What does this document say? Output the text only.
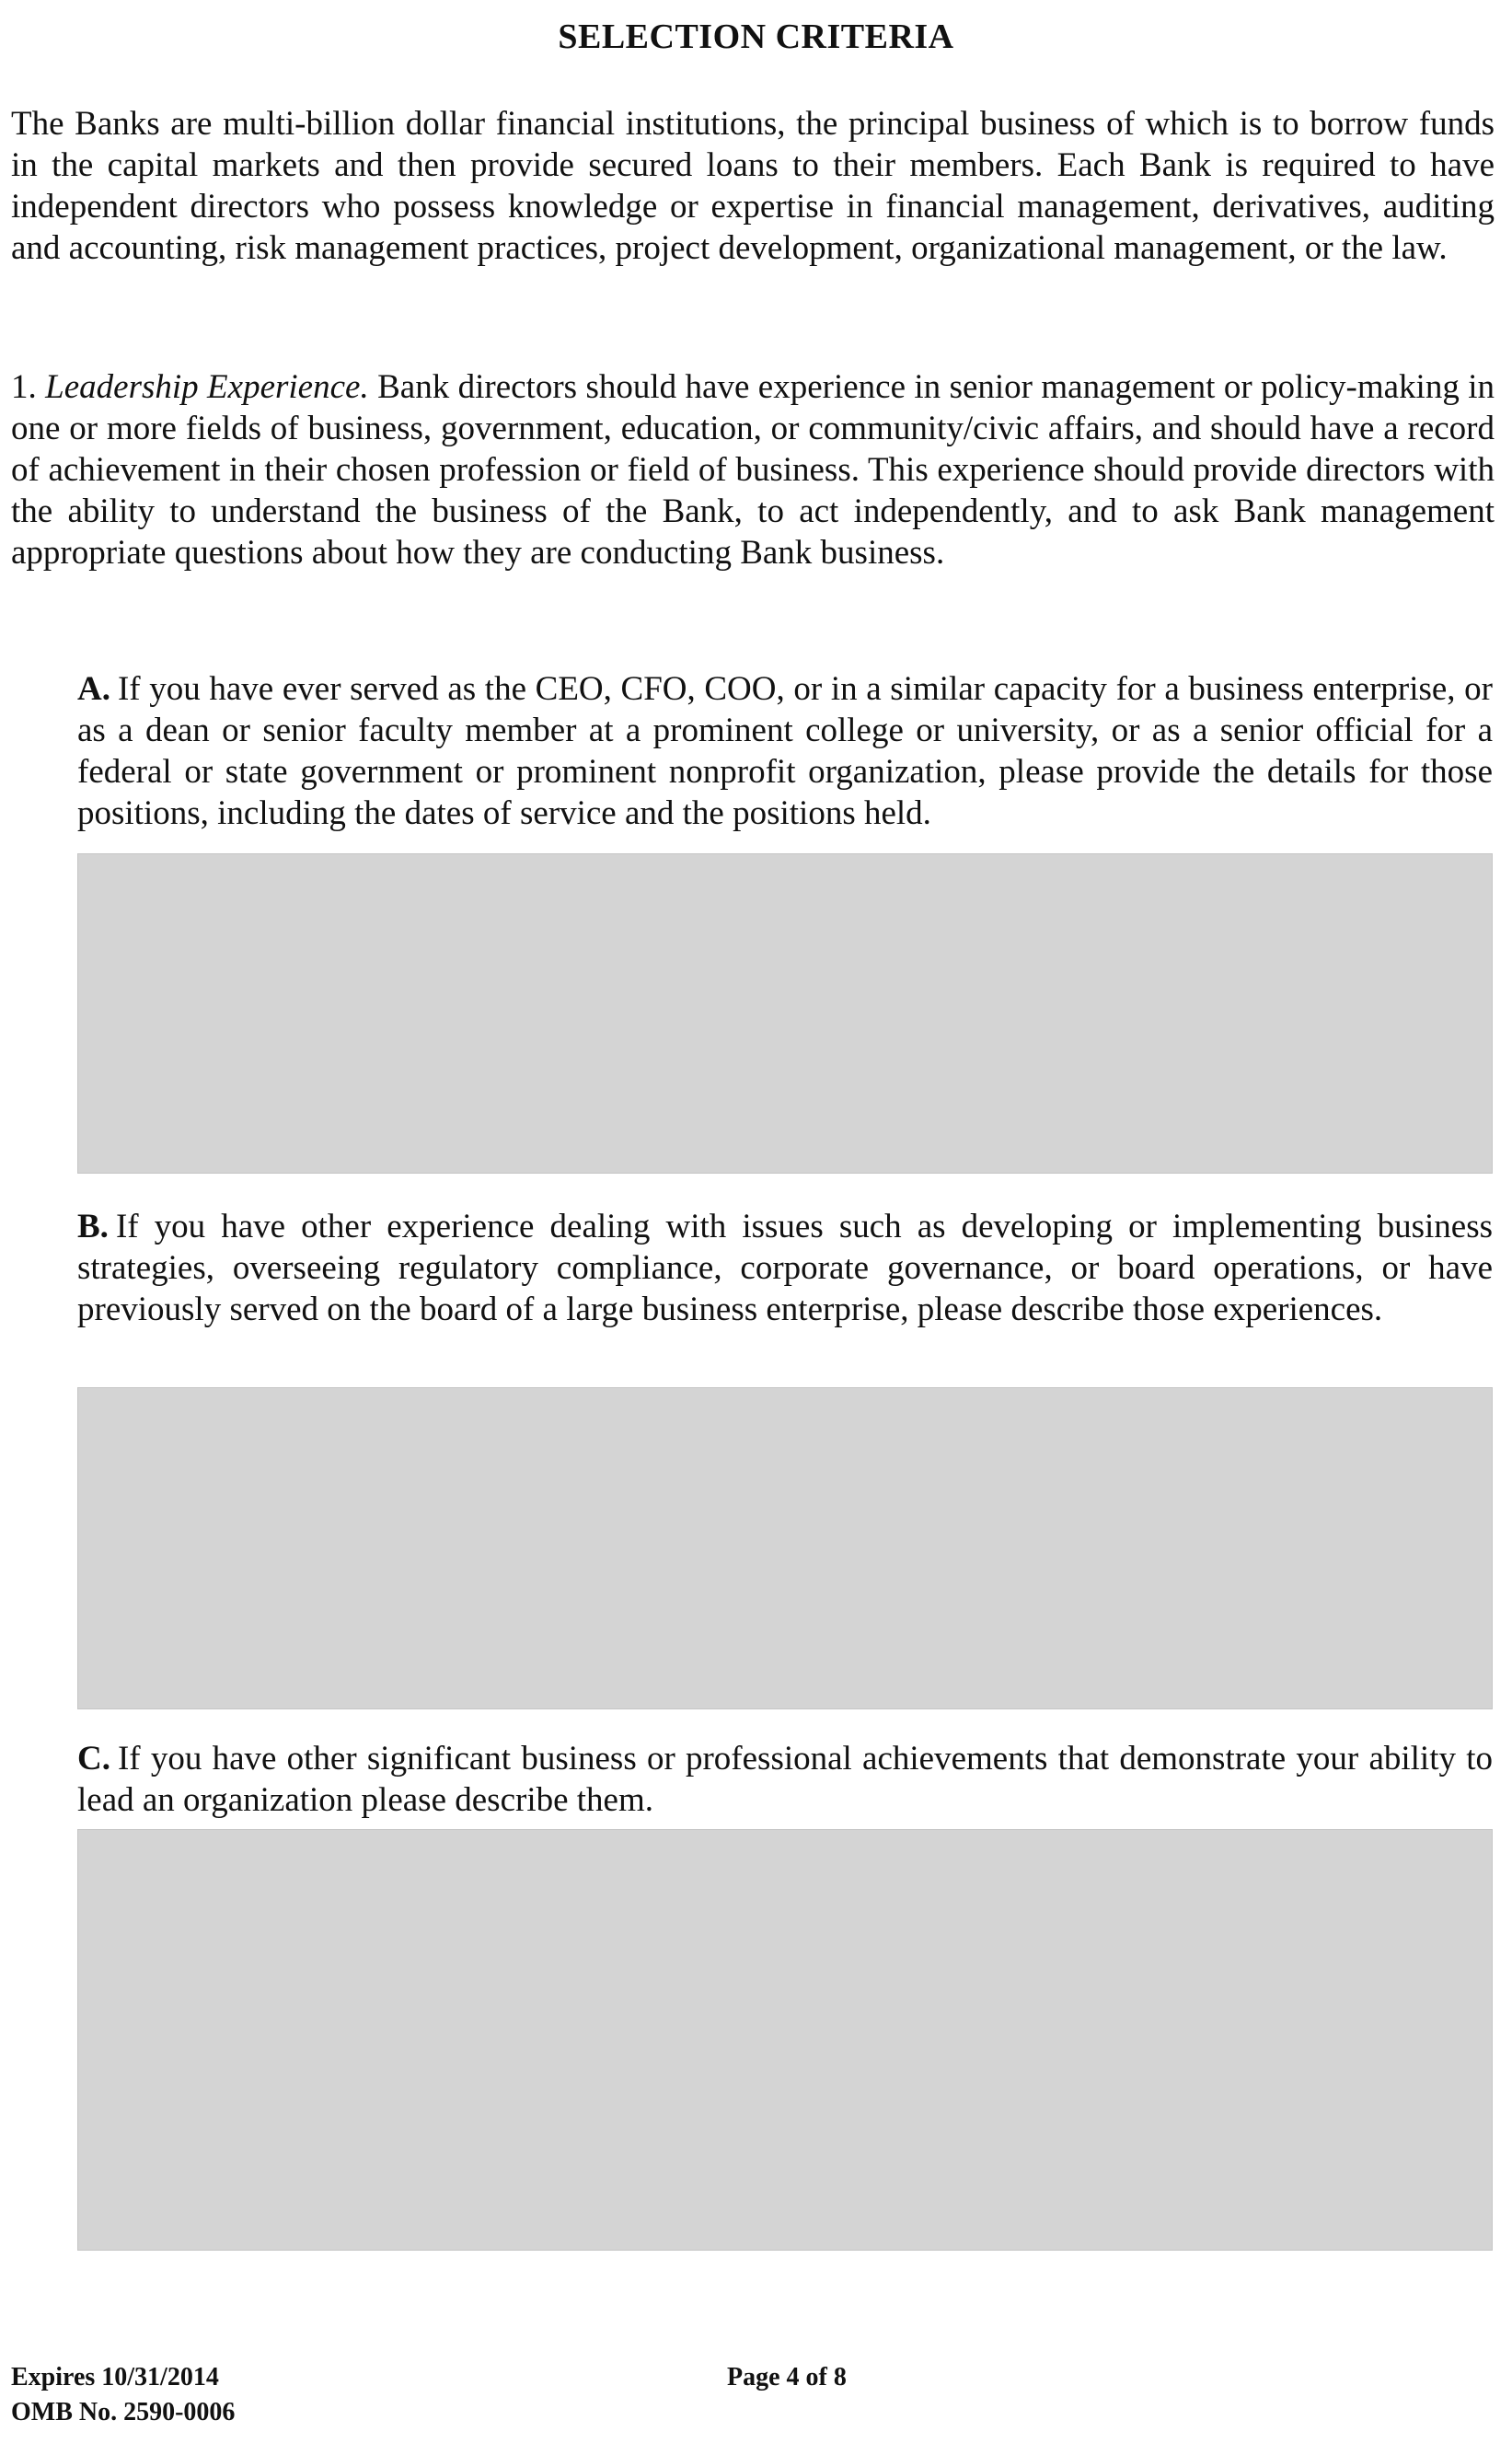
SELECTION CRITERIA
The Banks are multi-billion dollar financial institutions, the principal business of which is to borrow funds in the capital markets and then provide secured loans to their members. Each Bank is required to have independent directors who possess knowledge or expertise in financial management, derivatives, auditing and accounting, risk management practices, project development, organizational management, or the law.
1. Leadership Experience. Bank directors should have experience in senior management or policy-making in one or more fields of business, government, education, or community/civic affairs, and should have a record of achievement in their chosen profession or field of business. This experience should provide directors with the ability to understand the business of the Bank, to act independently, and to ask Bank management appropriate questions about how they are conducting Bank business.
A. If you have ever served as the CEO, CFO, COO, or in a similar capacity for a business enterprise, or as a dean or senior faculty member at a prominent college or university, or as a senior official for a federal or state government or prominent nonprofit organization, please provide the details for those positions, including the dates of service and the positions held.
B. If you have other experience dealing with issues such as developing or implementing business strategies, overseeing regulatory compliance, corporate governance, or board operations, or have previously served on the board of a large business enterprise, please describe those experiences.
C. If you have other significant business or professional achievements that demonstrate your ability to lead an organization please describe them.
Expires 10/31/2014
OMB No. 2590-0006
Page 4 of 8
